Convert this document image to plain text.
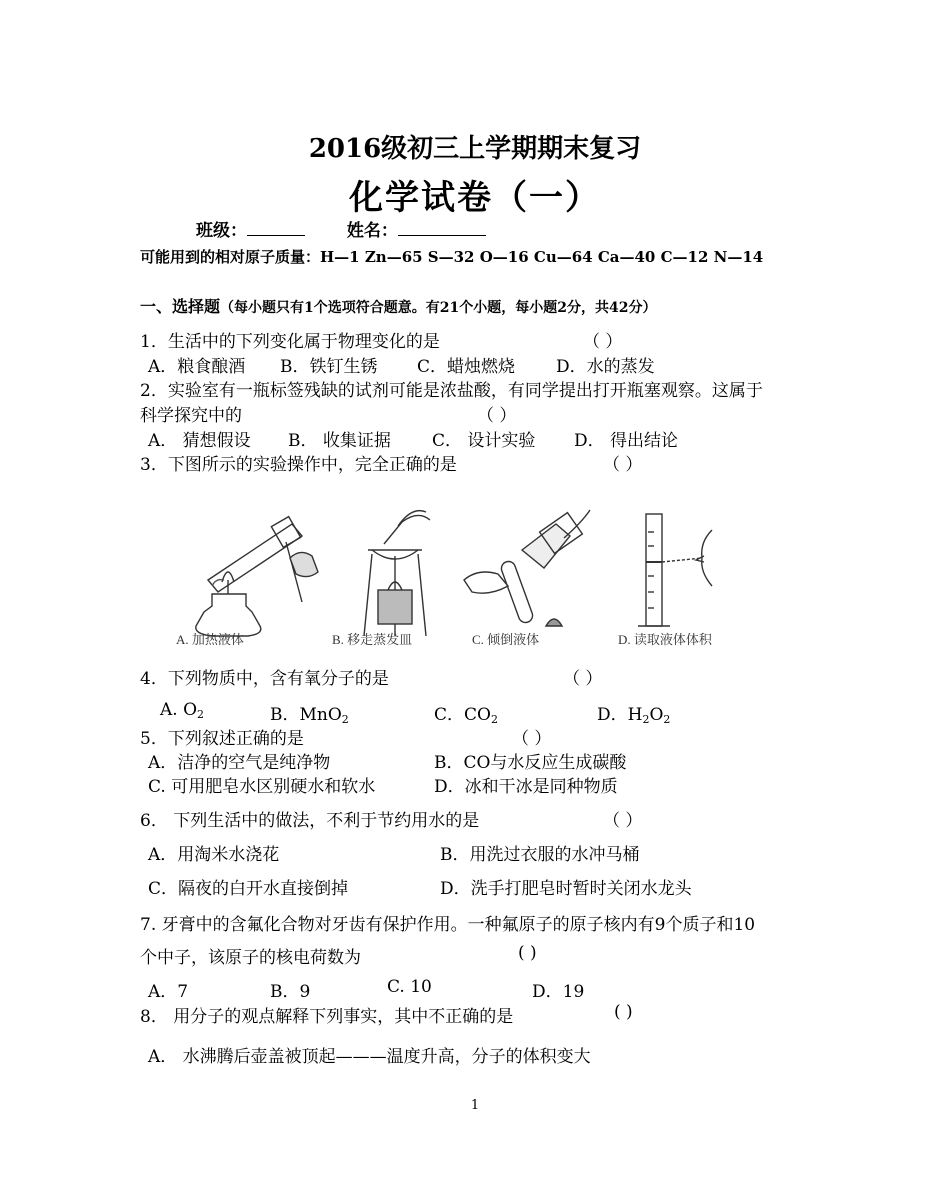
2016级初三上学期期末复习
化学试卷（一）
班级：	姓名：
可能用到的相对原子质量：H—1 Zn—65 S—32 O—16 Cu—64 Ca—40 C—12 N—14
一、选择题（每小题只有1个选项符合题意。有21个小题，每小题2分，共42分）
1．生活中的下列变化属于物理变化的是	（ ）
A．粮食酿酒 B．铁钉生锈 C．蜡烛燃烧 D．水的蒸发
2．实验室有一瓶标签残缺的试剂可能是浓盐酸，有同学提出打开瓶塞观察。这属于
科学探究中的	（ ）
A． 猜想假设 B． 收集证据 C． 设计实验 D． 得出结论
3．下图所示的实验操作中，完全正确的是	（ ）
A. 加热液体	B. 移走蒸发皿	C. 倾倒液体	D. 读取液体体积
4．下列物质中，含有氧分子的是	（ ）
A. $O_2$	B．MnO$_2$	C．$CO_2$	D．$H_2O_2$
5．下列叙述正确的是	（ ）
A．洁净的空气是纯净物	B．CO与水反应生成碳酸
C. 可用肥皂水区别硬水和软水	D．冰和干冰是同种物质
6． 下列生活中的做法，不利于节约用水的是	（ ）
A．用淘米水浇花	B．用洗过衣服的水冲马桶
C．隔夜的白开水直接倒掉	D．洗手打肥皂时暂时关闭水龙头
7. 牙膏中的含氟化合物对牙齿有保护作用。一种氟原子的原子核内有9个质子和10
个中子，该原子的核电荷数为	( )
A．7	B．9	C. 10	D．19
8． 用分子的观点解释下列事实，其中不正确的是	( )
A． 水沸腾后壶盖被顶起———温度升高，分子的体积变大
1
